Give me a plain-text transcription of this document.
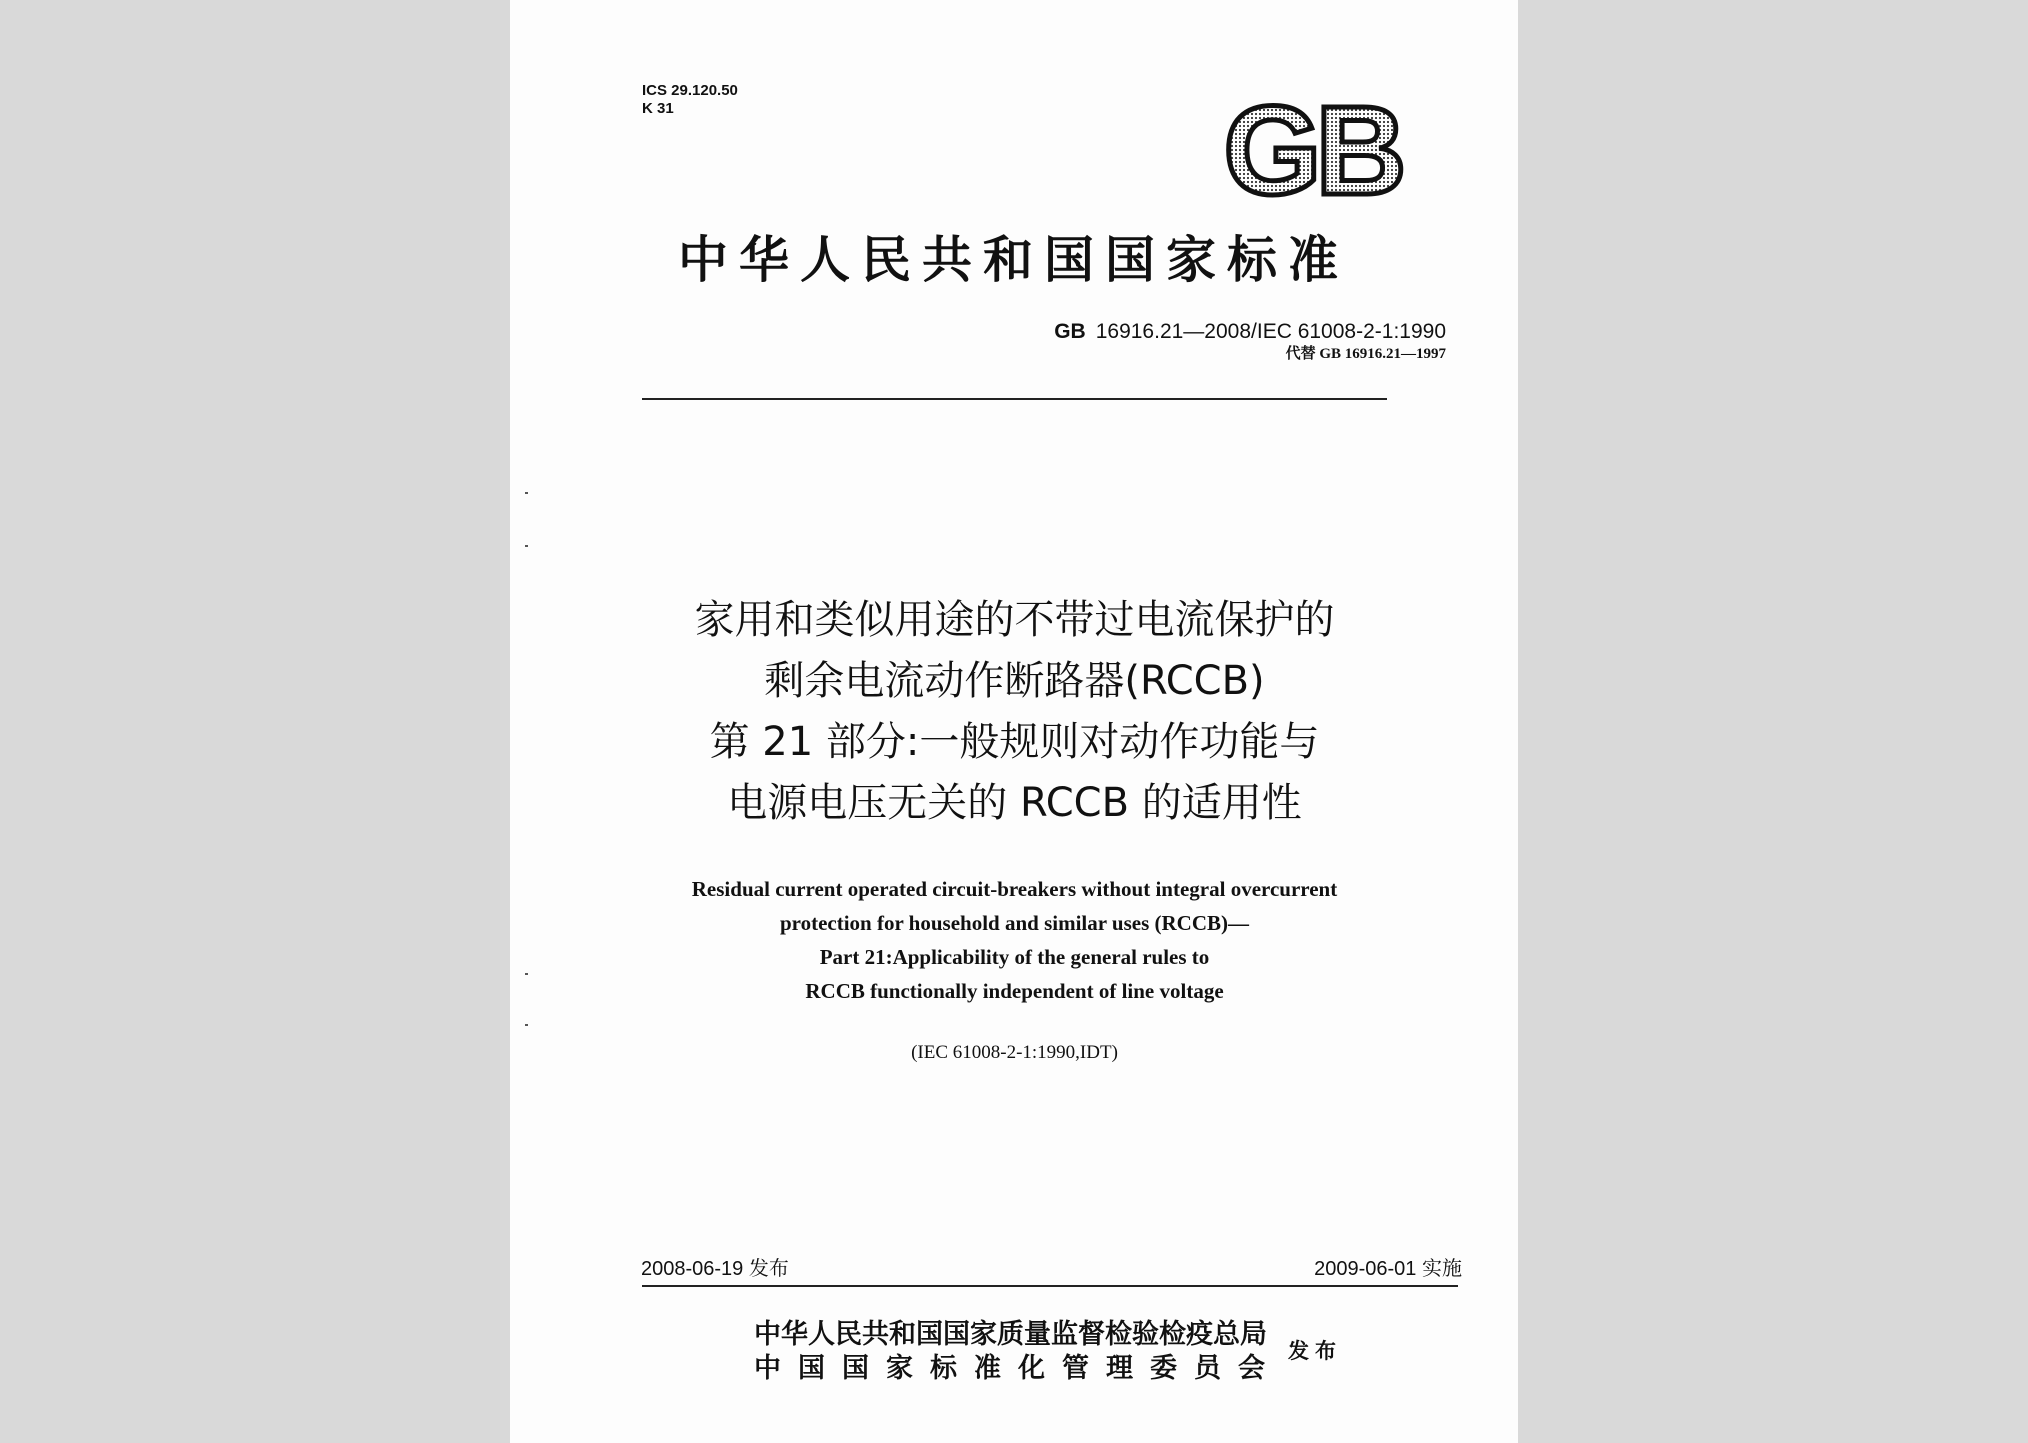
ICS 29.120.50
K 31	GB
中华人民共和国国家标准
GB 16916.21—2008/IEC 61008-2-1:1990
代替 GB 16916.21—1997
家用和类似用途的不带过电流保护的
剩余电流动作断路器(RCCB)
第 21 部分:一般规则对动作功能与
电源电压无关的 RCCB 的适用性
Residual current operated circuit-breakers without integral overcurrent
protection for household and similar uses (RCCB)—
Part 21:Applicability of the general rules to
RCCB functionally independent of line voltage
(IEC 61008-2-1:1990,IDT)
2008-06-19 发布	2009-06-01 实施
中华人民共和国国家质量监督检验检疫总局
中国国家标准化管理委员会
发布
